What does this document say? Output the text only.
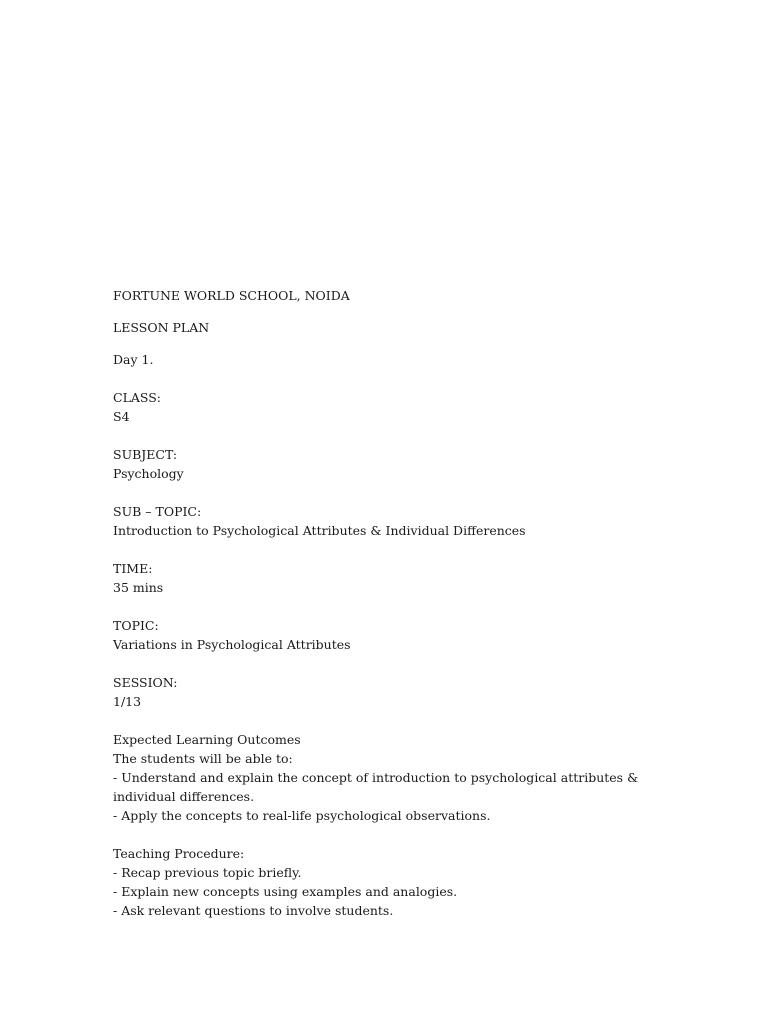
FORTUNE WORLD SCHOOL, NOIDA

LESSON PLAN

Day 1.

CLASS:

S4

SUBJECT:

Psychology

SUB – TOPIC:

Introduction to Psychological Attributes & Individual Differences

TIME:

35 mins

TOPIC:

Variations in Psychological Attributes

SESSION:

1/13

Expected Learning Outcomes

The students will be able to:

- Understand and explain the concept of introduction to psychological attributes & individual differences.

- Apply the concepts to real-life psychological observations.

Teaching Procedure:

- Recap previous topic briefly.

- Explain new concepts using examples and analogies.

- Ask relevant questions to involve students.
